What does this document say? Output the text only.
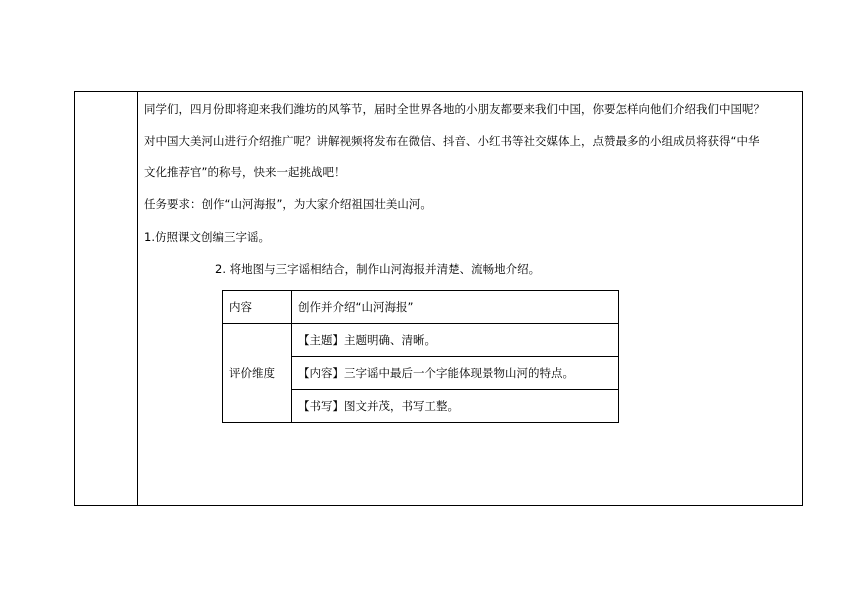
同学们，四月份即将迎来我们潍坊的风筝节，届时全世界各地的小朋友都要来我们中国，你要怎样向他们介绍我们中国呢？
对中国大美河山进行介绍推广呢？讲解视频将发布在微信、抖音、小红书等社交媒体上，点赞最多的小组成员将获得“中华
文化推荐官”的称号，快来一起挑战吧！
任务要求：创作“山河海报”，为大家介绍祖国壮美山河。
1.仿照课文创编三字谣。
2. 将地图与三字谣相结合，制作山河海报并清楚、流畅地介绍。
内容	创作并介绍“山河海报”
评价维度	【主题】主题明确、清晰。
	【内容】三字谣中最后一个字能体现景物山河的特点。
	【书写】图文并茂，书写工整。
